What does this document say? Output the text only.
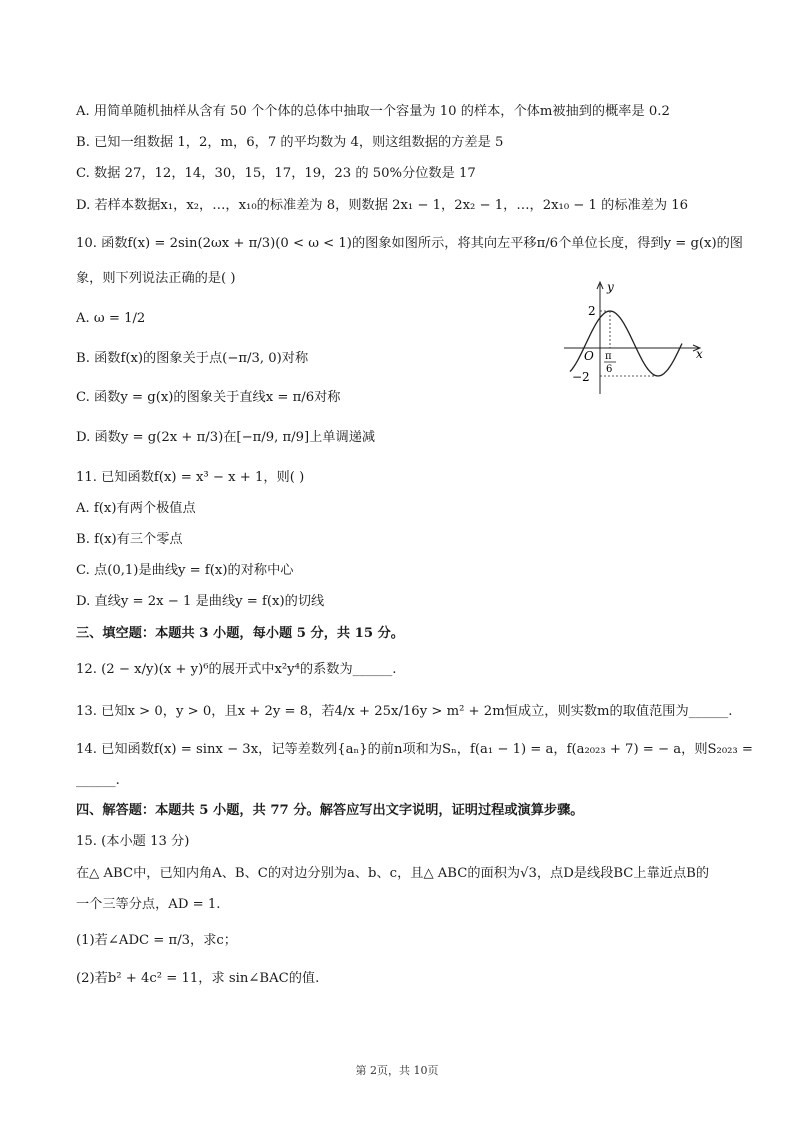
A. 用简单随机抽样从含有 50 个个体的总体中抽取一个容量为 10 的样本，个体m被抽到的概率是 0.2
B. 已知一组数据 1，2，m，6，7 的平均数为 4，则这组数据的方差是 5
C. 数据 27，12，14，30，15，17，19，23 的 50%分位数是 17
D. 若样本数据x₁，x₂，…，x₁₀的标准差为 8，则数据 2x₁ − 1，2x₂ − 1，…，2x₁₀ − 1 的标准差为 16
10. 函数f(x) = 2sin(2ωx + π/3)(0 < ω < 1)的图象如图所示，将其向左平移π/6个单位长度，得到y = g(x)的图
象，则下列说法正确的是( )
A. ω = 1/2
B. 函数f(x)的图象关于点(−π/3, 0)对称
C. 函数y = g(x)的图象关于直线x = π/6对称
D. 函数y = g(2x + π/3)在[−π/9, π/9]上单调递减
11. 已知函数f(x) = x³ − x + 1，则( )
A. f(x)有两个极值点
B. f(x)有三个零点
C. 点(0,1)是曲线y = f(x)的对称中心
D. 直线y = 2x − 1 是曲线y = f(x)的切线
三、填空题：本题共 3 小题，每小题 5 分，共 15 分。
12. (2 − x/y)(x + y)⁶的展开式中x²y⁴的系数为______.
13. 已知x > 0，y > 0，且x + 2y = 8，若4/x + 25x/16y > m² + 2m恒成立，则实数m的取值范围为______.
14. 已知函数f(x) = sinx − 3x，记等差数列{aₙ}的前n项和为Sₙ，f(a₁ − 1) = a，f(a₂₀₂₃ + 7) = − a，则S₂₀₂₃ =
______.
四、解答题：本题共 5 小题，共 77 分。解答应写出文字说明，证明过程或演算步骤。
15. (本小题 13 分)
在△ ABC中，已知内角A、B、C的对边分别为a、b、c，且△ ABC的面积为√3，点D是线段BC上靠近点B的
一个三等分点，AD = 1.
(1)若∠ADC = π/3，求c；
(2)若b² + 4c² = 11，求 sin∠BAC的值.
y
x
O
2
−2
π
6
第 2页，共 10页
